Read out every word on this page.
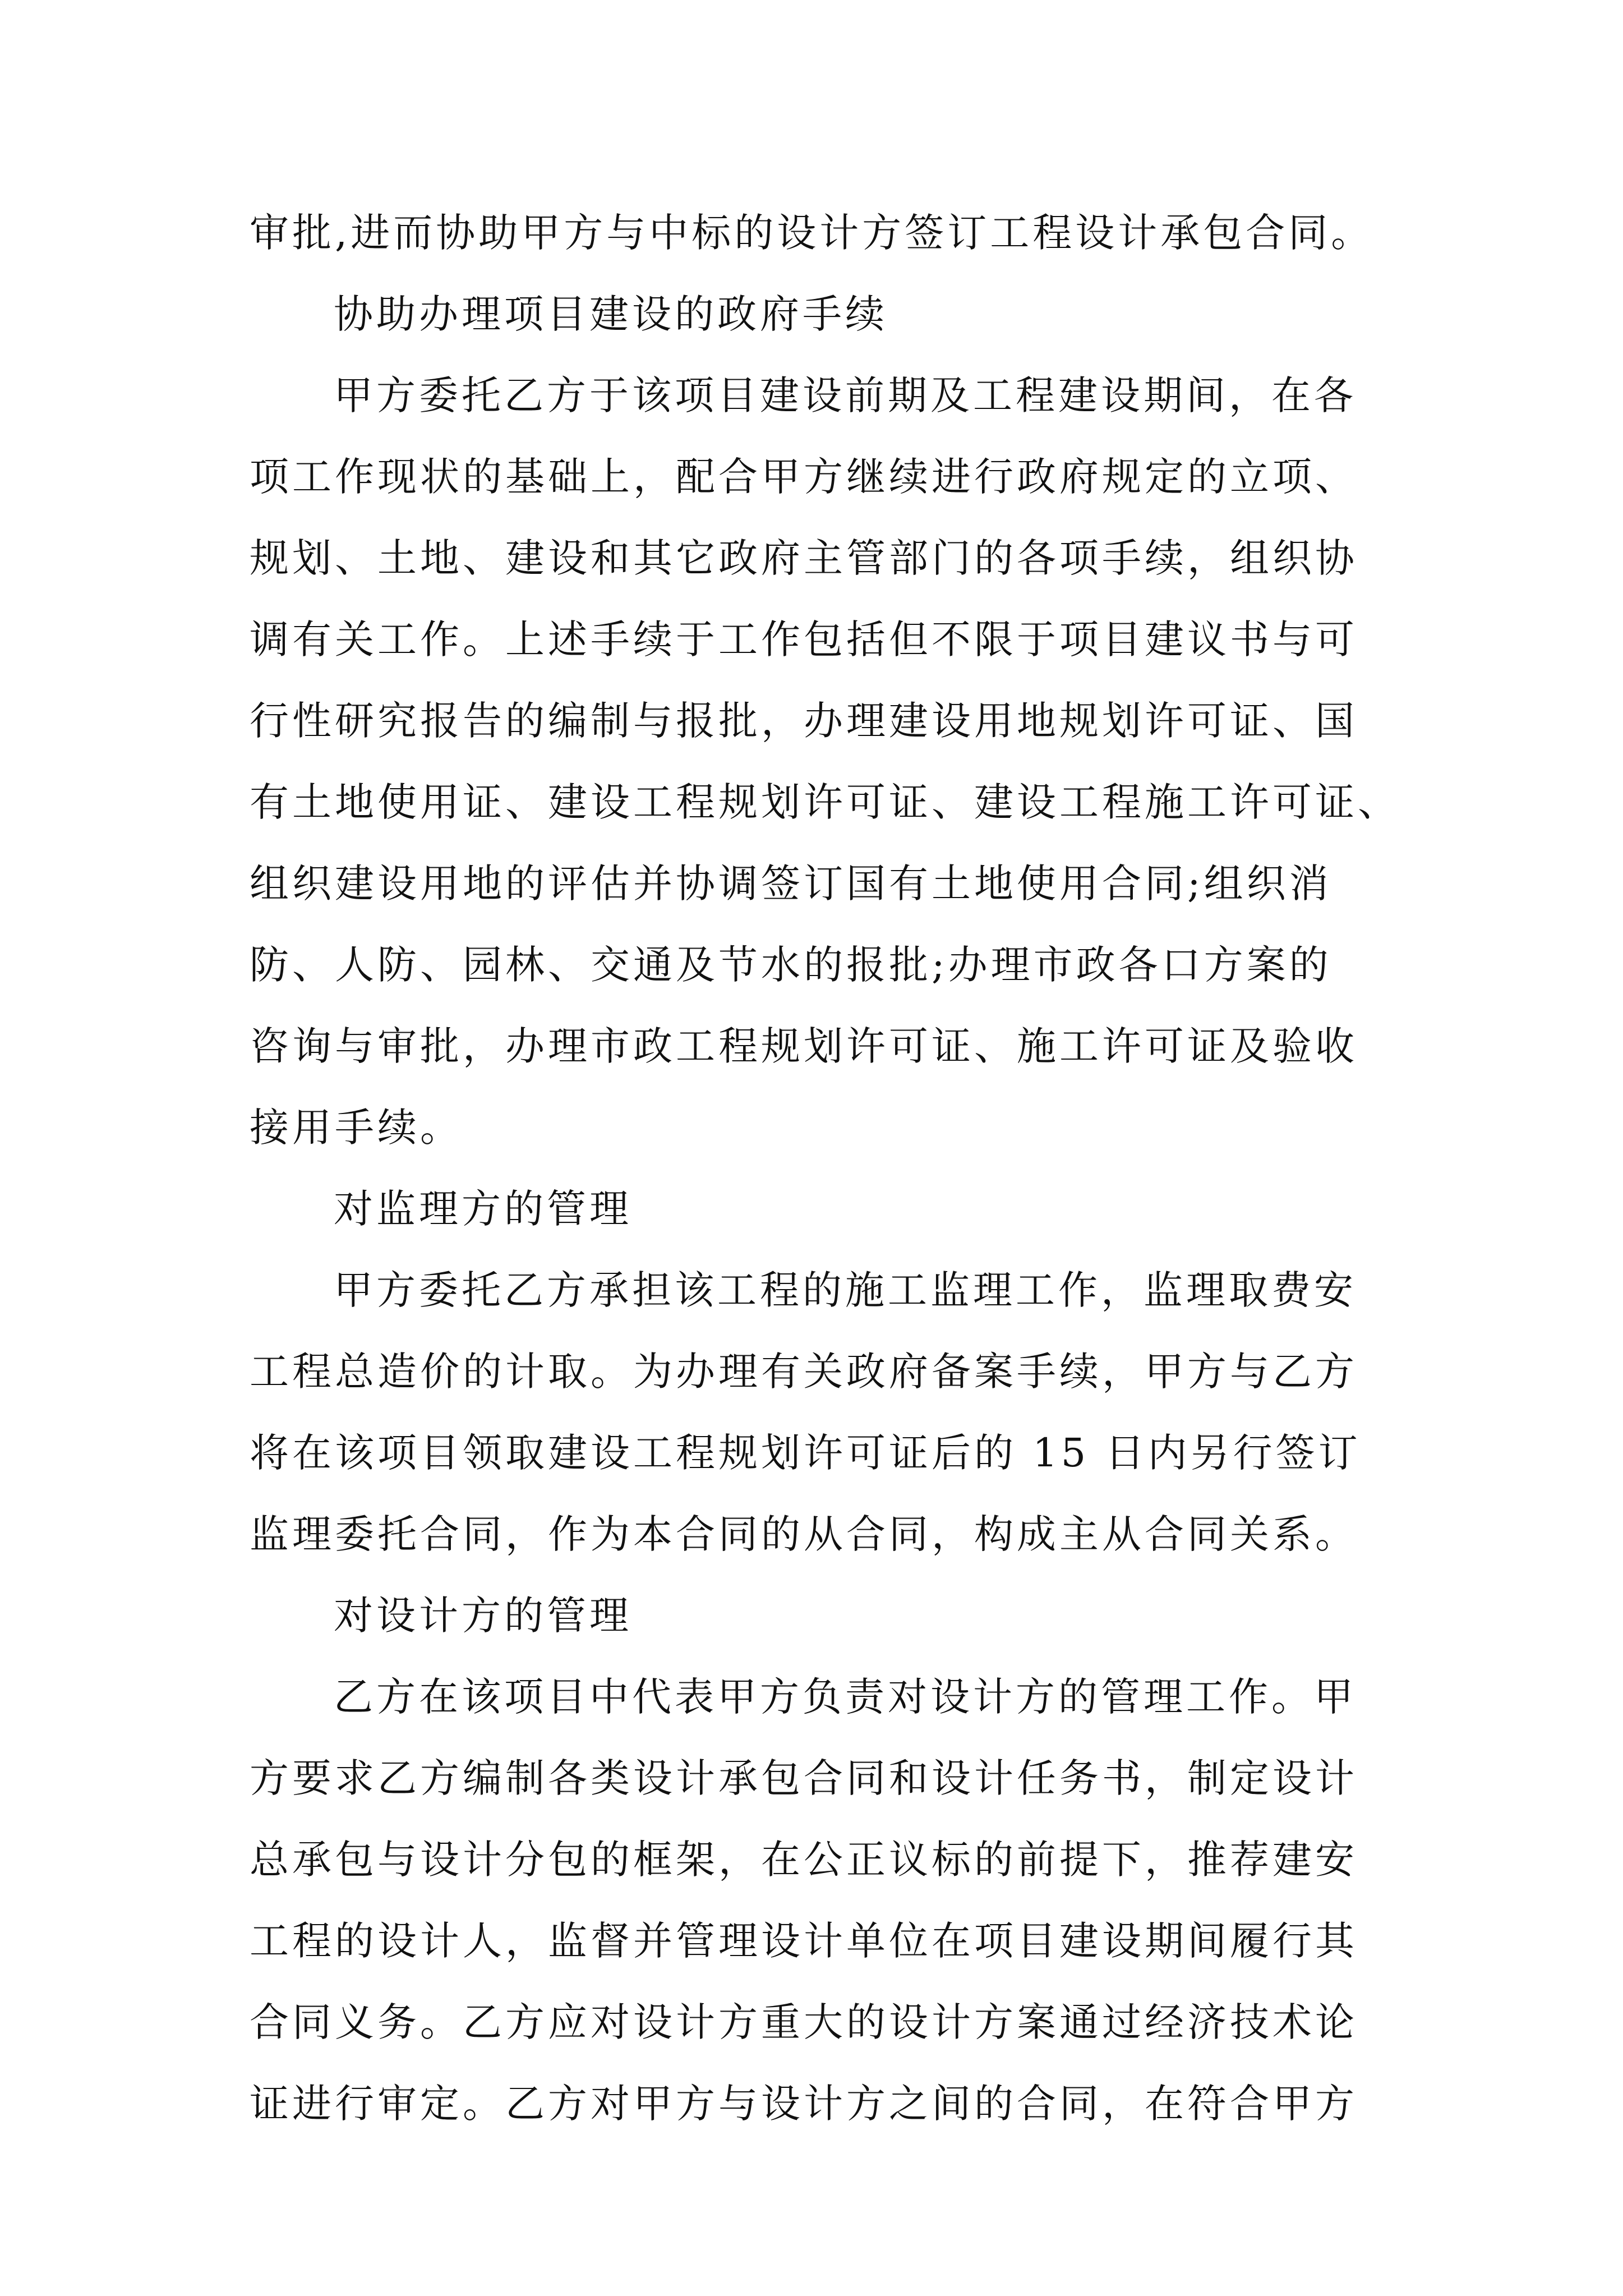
审批,进而协助甲方与中标的设计方签订工程设计承包合同。
协助办理项目建设的政府手续
甲方委托乙方于该项目建设前期及工程建设期间，在各
项工作现状的基础上，配合甲方继续进行政府规定的立项、
规划、土地、建设和其它政府主管部门的各项手续，组织协
调有关工作。上述手续于工作包括但不限于项目建议书与可
行性研究报告的编制与报批，办理建设用地规划许可证、国
有土地使用证、建设工程规划许可证、建设工程施工许可证、
组织建设用地的评估并协调签订国有土地使用合同;组织消
防、人防、园林、交通及节水的报批;办理市政各口方案的
咨询与审批，办理市政工程规划许可证、施工许可证及验收
接用手续。
对监理方的管理
甲方委托乙方承担该工程的施工监理工作，监理取费安
工程总造价的计取。为办理有关政府备案手续，甲方与乙方
将在该项目领取建设工程规划许可证后的 15 日内另行签订
监理委托合同，作为本合同的从合同，构成主从合同关系。
对设计方的管理
乙方在该项目中代表甲方负责对设计方的管理工作。甲
方要求乙方编制各类设计承包合同和设计任务书，制定设计
总承包与设计分包的框架，在公正议标的前提下，推荐建安
工程的设计人，监督并管理设计单位在项目建设期间履行其
合同义务。乙方应对设计方重大的设计方案通过经济技术论
证进行审定。乙方对甲方与设计方之间的合同，在符合甲方
